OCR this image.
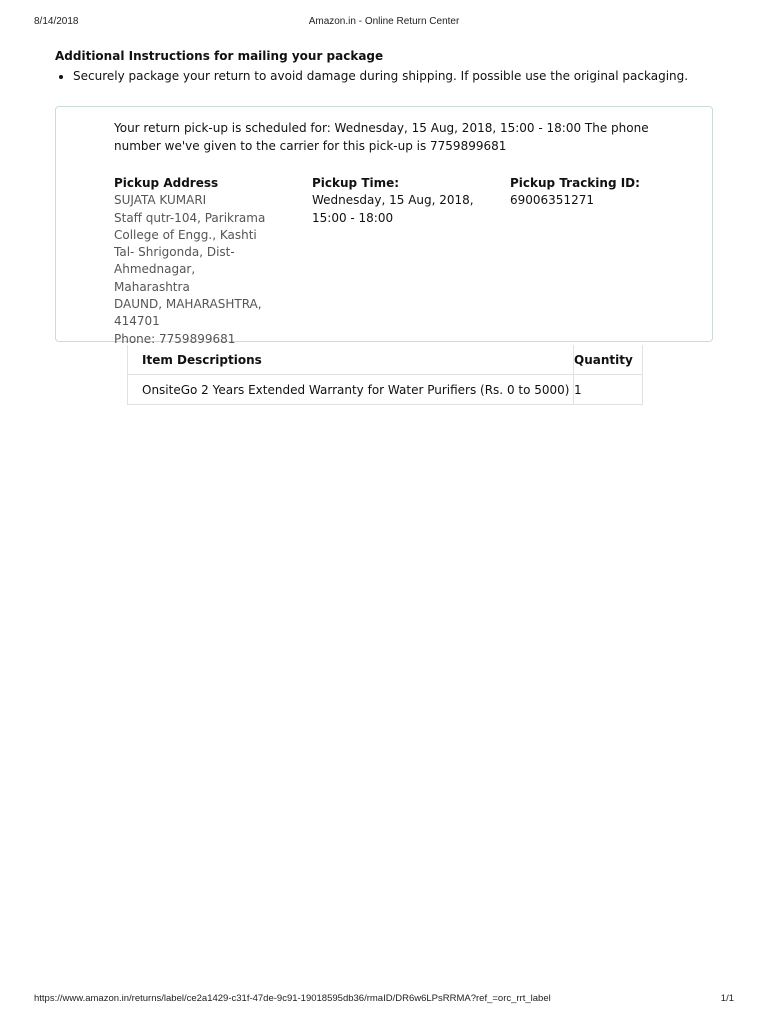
8/14/2018	Amazon.in - Online Return Center
Additional Instructions for mailing your package
• Securely package your return to avoid damage during shipping. If possible use the original packaging.
Your return pick-up is scheduled for: Wednesday, 15 Aug, 2018, 15:00 - 18:00 The phone number we've given to the carrier for this pick-up is 7759899681
Pickup Address
SUJATA KUMARI
Staff qutr-104, Parikrama College of Engg., Kashti Tal- Shrigonda, Dist-Ahmednagar, Maharashtra
DAUND, MAHARASHTRA, 414701
Phone: 7759899681
Pickup Time:
Wednesday, 15 Aug, 2018, 15:00 - 18:00
Pickup Tracking ID:
69006351271
Item Descriptions	Quantity
OnsiteGo 2 Years Extended Warranty for Water Purifiers (Rs. 0 to 5000)	1
https://www.amazon.in/returns/label/ce2a1429-c31f-47de-9c91-19018595db36/rmaID/DR6w6LPsRRMA?ref_=orc_rrt_label	1/1
